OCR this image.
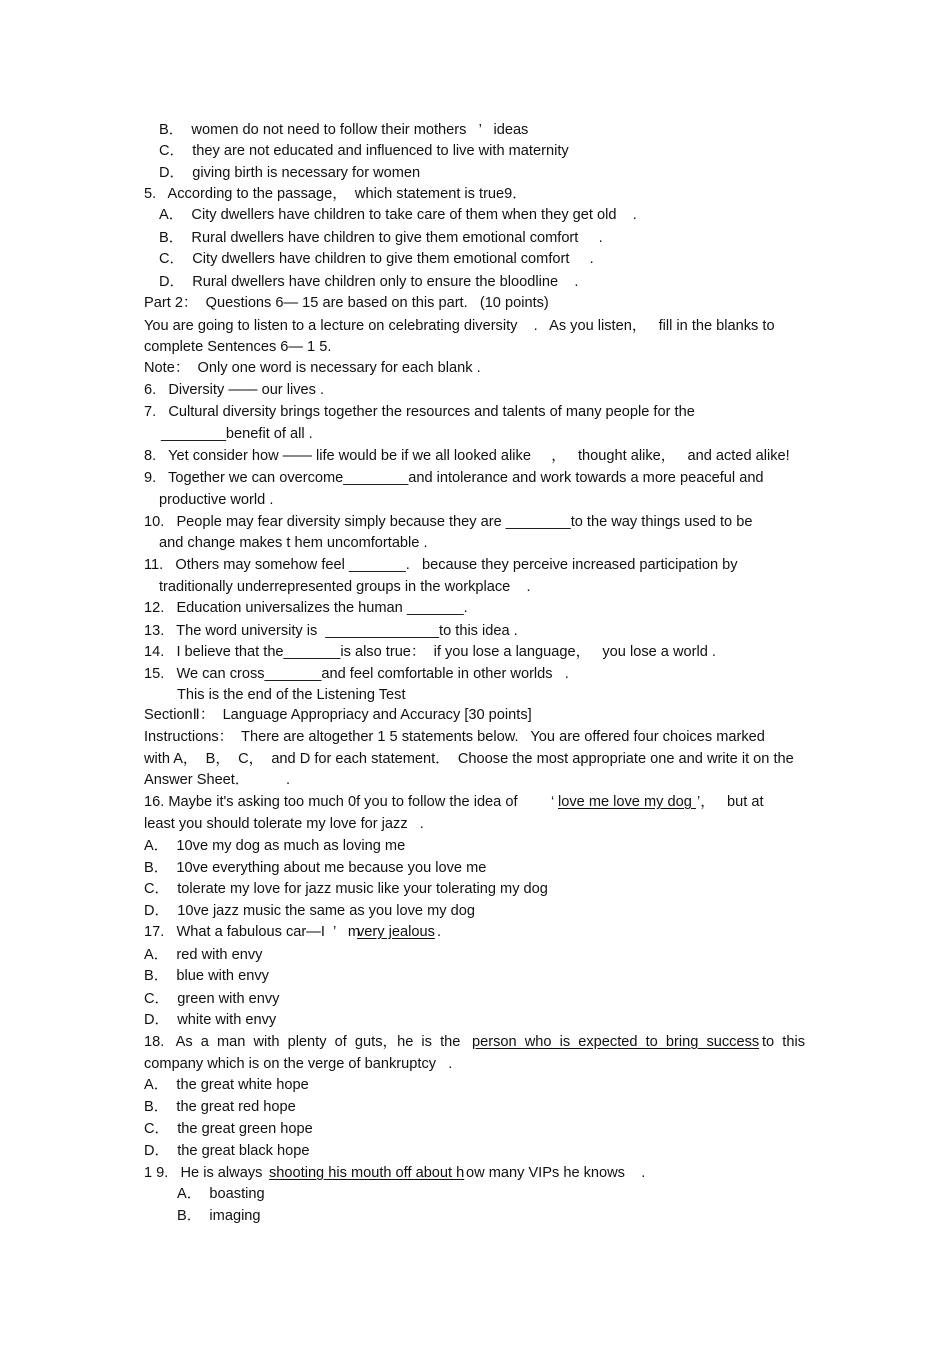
B．  women do not need to follow their mothers   ’   ideas
C．  they are not educated and influenced to live with maternity
D．  giving birth is necessary for women
5.   According to the passage，  which statement is true9．
A．  City dwellers have children to take care of them when they get old    .
B．  Rural dwellers have children to give them emotional comfort     .
C．  City dwellers have children to give them emotional comfort     .
D．  Rural dwellers have children only to ensure the bloodline    .
Part 2：  Questions 6— 15 are based on this part.   (10 points)
You are going to listen to a lecture on celebrating diversity    .   As you listen，   fill in the blanks to
complete Sentences 6— 1 5.
Note：  Only one word is necessary for each blank .
6.   Diversity —— our lives .
7.   Cultural diversity brings together the resources and talents of many people for the
________benefit of all .
8.   Yet consider how —— life would be if we all looked alike     ，   thought alike，   and acted alike!
9.   Together we can overcome________and intolerance and work towards a more peaceful and
productive world .
10.   People may fear diversity simply because they are ________to the way things used to be
and change makes t hem uncomfortable .
11.   Others may somehow feel _______.   because they perceive increased participation by
traditionally underrepresented groups in the workplace    .
12.   Education universalizes the human _______.
13.   The word university is  ______________to this idea .
14.   I believe that the_______is also true：  if you lose a language，   you lose a world .
15.   We can cross_______and feel comfortable in other worlds   .
This is the end of the Listening Test
SectionⅡ：  Language Appropriacy and Accuracy [30 points]
Instructions：  There are altogether 1 5 statements below.   You are offered four choices marked
with A，  B，  C，  and D for each statement．  Choose the most appropriate one and write it on the
Answer Sheet．         .
16. Maybe it's asking too much 0f you to follow the idea of ‘ love me love my dog ’，   but at
least you should tolerate my love for jazz   .
A．  10ve my dog as much as loving me
B．  10ve everything about me because you love me
C．  tolerate my love for jazz music like your tolerating my dog
D．  10ve jazz music the same as you love my dog
17.   What a fabulous car—I  ’   m
very jealous .
A．  red with envy
B．  blue with envy
C．  green with envy
D．  white with envy
18.   As  a  man  with  plenty  of  guts，he  is  the person  who  is  expected  to  bring  success to  this
company which is on the verge of bankruptcy   .
A．  the great white hope
B．  the great red hope
C．  the great green hope
D．  the great black hope
1 9.   He is always shooting his mouth off about h ow many VIPs he knows    .
A．  boasting
B．  imaging
